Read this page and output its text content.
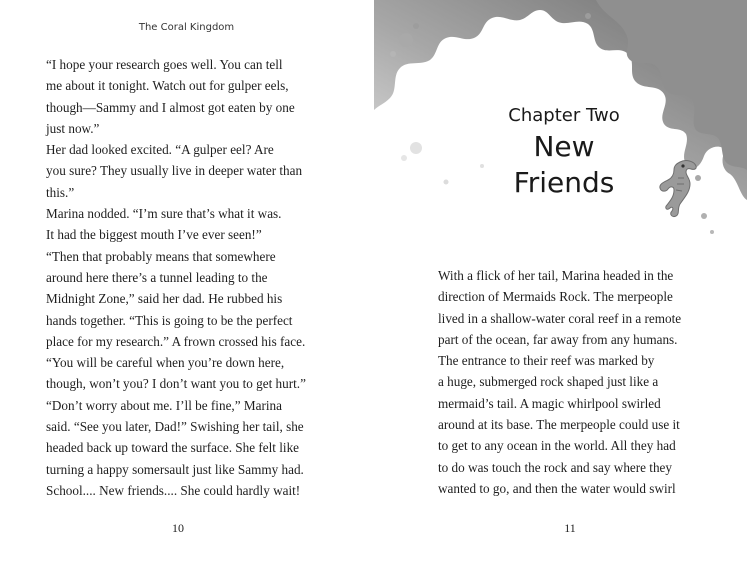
The Coral Kingdom

“I hope your research goes well. You can tell
me about it tonight. Watch out for gulper eels,
though—Sammy and I almost got eaten by one
just now.”
Her dad looked excited. “A gulper eel? Are
you sure? They usually live in deeper water than
this.”
Marina nodded. “I’m sure that’s what it was.
It had the biggest mouth I’ve ever seen!”
“Then that probably means that somewhere
around here there’s a tunnel leading to the
Midnight Zone,” said her dad. He rubbed his
hands together. “This is going to be the perfect
place for my research.” A frown crossed his face.
“You will be careful when you’re down here,
though, won’t you? I don’t want you to get hurt.”
“Don’t worry about me. I’ll be fine,” Marina
said. “See you later, Dad!” Swishing her tail, she
headed back up toward the surface. She felt like
turning a happy somersault just like Sammy had.
School.... New friends.... She could hardly wait!

10
Chapter Two
New
Friends

With a flick of her tail, Marina headed in the
direction of Mermaids Rock. The merpeople
lived in a shallow-water coral reef in a remote
part of the ocean, far away from any humans.
The entrance to their reef was marked by
a huge, submerged rock shaped just like a
mermaid’s tail. A magic whirlpool swirled
around at its base. The merpeople could use it
to get to any ocean in the world. All they had
to do was touch the rock and say where they
wanted to go, and then the water would swirl

11
